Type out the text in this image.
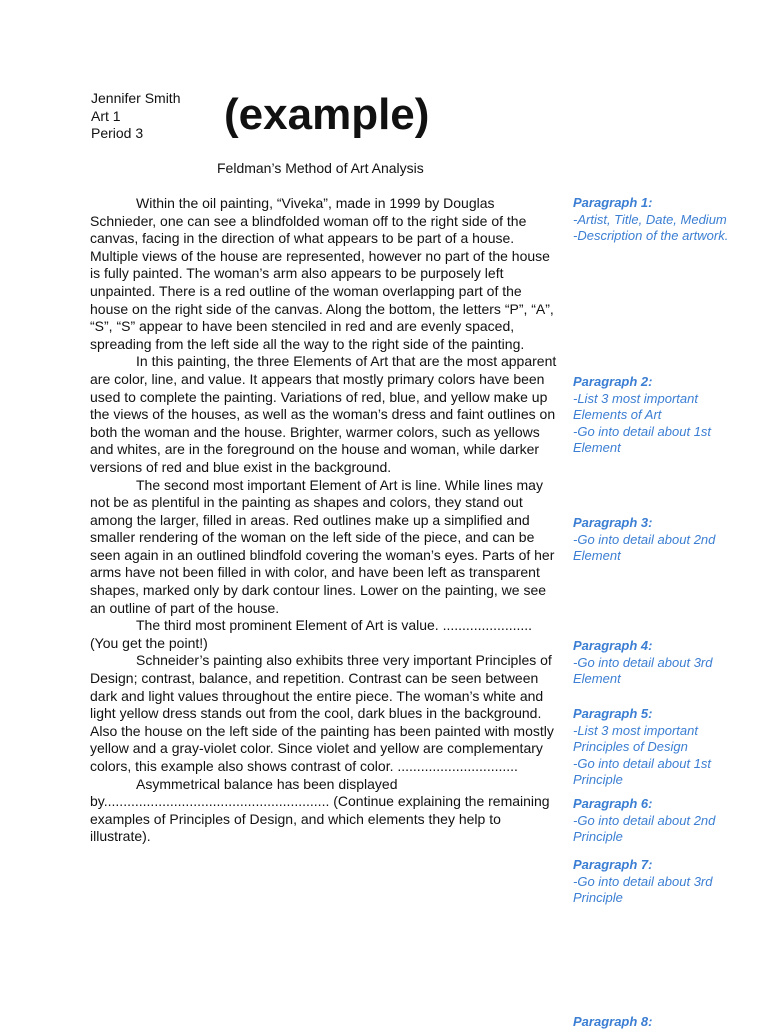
Jennifer Smith
Art 1
Period 3	(example)
Feldman’s Method of Art Analysis

Within the oil painting, “Viveka”, made in 1999 by Douglas Schnieder, one can see a blindfolded woman off to the right side of the canvas, facing in the direction of what appears to be part of a house. Multiple views of the house are represented, however no part of the house is fully painted. The woman’s arm also appears to be purposely left unpainted. There is a red outline of the woman overlapping part of the house on the right side of the canvas. Along the bottom, the letters “P”, “A”, “S”, “S” appear to have been stenciled in red and are evenly spaced, spreading from the left side all the way to the right side of the painting.

In this painting, the three Elements of Art that are the most apparent are color, line, and value. It appears that mostly primary colors have been used to complete the painting. Variations of red, blue, and yellow make up the views of the houses, as well as the woman’s dress and faint outlines on both the woman and the house. Brighter, warmer colors, such as yellows and whites, are in the foreground on the house and woman, while darker versions of red and blue exist in the background.

The second most important Element of Art is line. While lines may not be as plentiful in the painting as shapes and colors, they stand out among the larger, filled in areas. Red outlines make up a simplified and smaller rendering of the woman on the left side of the piece, and can be seen again in an outlined blindfold covering the woman’s eyes. Parts of her arms have not been filled in with color, and have been left as transparent shapes, marked only by dark contour lines. Lower on the painting, we see an outline of part of the house.

The third most prominent Element of Art is value. ....................... (You get the point!)

Schneider’s painting also exhibits three very important Principles of Design; contrast, balance, and repetition. Contrast can be seen between dark and light values throughout the entire piece. The woman’s white and light yellow dress stands out from the cool, dark blues in the background. Also the house on the left side of the painting has been painted with mostly yellow and a gray-violet color. Since violet and yellow are complementary colors, this example also shows contrast of color. ...............................

Asymmetrical balance has been displayed by.......................................................... (Continue explaining the remaining examples of Principles of Design, and which elements they help to illustrate).

Paragraph 1:
-Artist, Title, Date, Medium
-Description of the artwork.
Paragraph 2:
-List 3 most important
Elements of Art
-Go into detail about 1st
Element
Paragraph 3:
-Go into detail about 2nd
Element
Paragraph 4:
-Go into detail about 3rd
Element
Paragraph 5:
-List 3 most important
Principles of Design
-Go into detail about 1st
Principle
Paragraph 6:
-Go into detail about 2nd
Principle
Paragraph 7:
-Go into detail about 3rd
Principle
Paragraph 8:
